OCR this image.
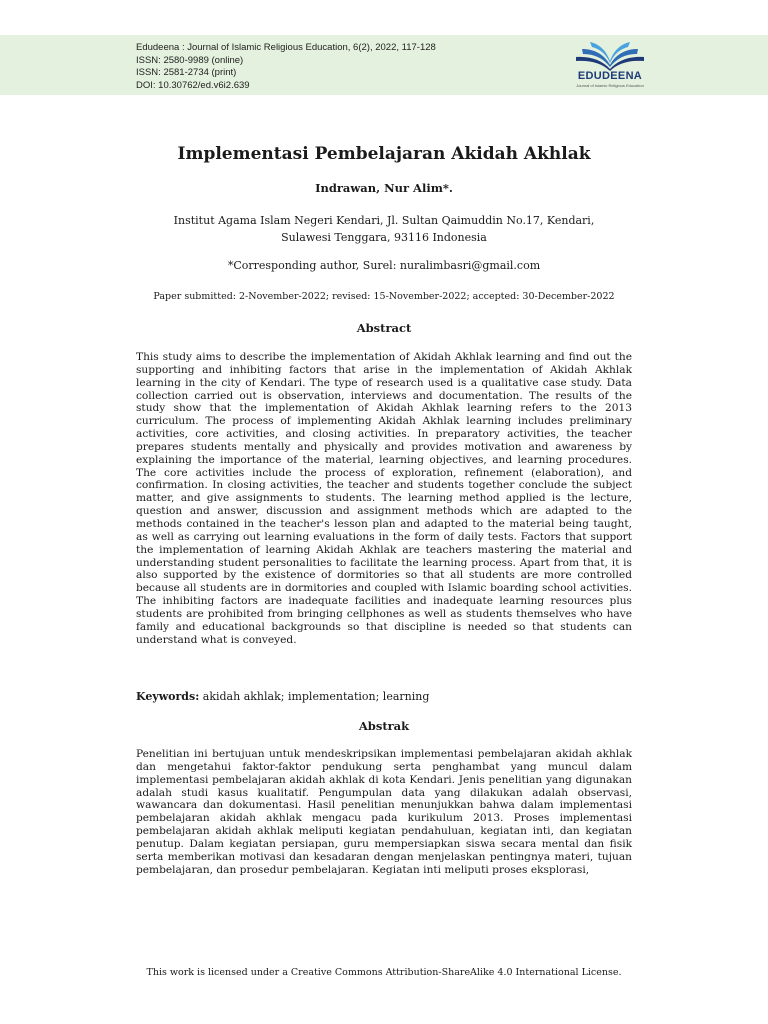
Edudeena : Journal of Islamic Religious Education, 6(2), 2022, 117-128
ISSN: 2580-9989 (online)
ISSN: 2581-2734 (print)
DOI: 10.30762/ed.v6i2.639
EDUDEENA
Journal of Islamic Religious Education
Implementasi Pembelajaran Akidah Akhlak
Indrawan, Nur Alim*.
Institut Agama Islam Negeri Kendari, Jl. Sultan Qaimuddin No.17, Kendari,
Sulawesi Tenggara, 93116 Indonesia
*Corresponding author, Surel: nuralimbasri@gmail.com
Paper submitted: 2-November-2022; revised: 15-November-2022; accepted: 30-December-2022
Abstract

This study aims to describe the implementation of Akidah Akhlak learning and find out the supporting and inhibiting factors that arise in the implementation of Akidah Akhlak learning in the city of Kendari. The type of research used is a qualitative case study. Data collection carried out is observation, interviews and documentation. The results of the study show that the implementation of Akidah Akhlak learning refers to the 2013 curriculum. The process of implementing Akidah Akhlak learning includes preliminary activities, core activities, and closing activities. In preparatory activities, the teacher prepares students mentally and physically and provides motivation and awareness by explaining the importance of the material, learning objectives, and learning procedures. The core activities include the process of exploration, refinement (elaboration), and confirmation. In closing activities, the teacher and students together conclude the subject matter, and give assignments to students. The learning method applied is the lecture, question and answer, discussion and assignment methods which are adapted to the methods contained in the teacher's lesson plan and adapted to the material being taught, as well as carrying out learning evaluations in the form of daily tests. Factors that support the implementation of learning Akidah Akhlak are teachers mastering the material and understanding student personalities to facilitate the learning process. Apart from that, it is also supported by the existence of dormitories so that all students are more controlled because all students are in dormitories and coupled with Islamic boarding school activities. The inhibiting factors are inadequate facilities and inadequate learning resources plus students are prohibited from bringing cellphones as well as students themselves who have family and educational backgrounds so that discipline is needed so that students can understand what is conveyed.

Keywords: akidah akhlak; implementation; learning
Abstrak

Penelitian ini bertujuan untuk mendeskripsikan implementasi pembelajaran akidah akhlak dan mengetahui faktor-faktor pendukung serta penghambat yang muncul dalam implementasi pembelajaran akidah akhlak di kota Kendari. Jenis penelitian yang digunakan adalah studi kasus kualitatif. Pengumpulan data yang dilakukan adalah observasi, wawancara dan dokumentasi. Hasil penelitian menunjukkan bahwa dalam implementasi pembelajaran akidah akhlak mengacu pada kurikulum 2013. Proses implementasi pembelajaran akidah akhlak meliputi kegiatan pendahuluan, kegiatan inti, dan kegiatan penutup. Dalam kegiatan persiapan, guru mempersiapkan siswa secara mental dan fisik serta memberikan motivasi dan kesadaran dengan menjelaskan pentingnya materi, tujuan pembelajaran, dan prosedur pembelajaran. Kegiatan inti meliputi proses eksplorasi,

This work is licensed under a Creative Commons Attribution-ShareAlike 4.0 International License.
